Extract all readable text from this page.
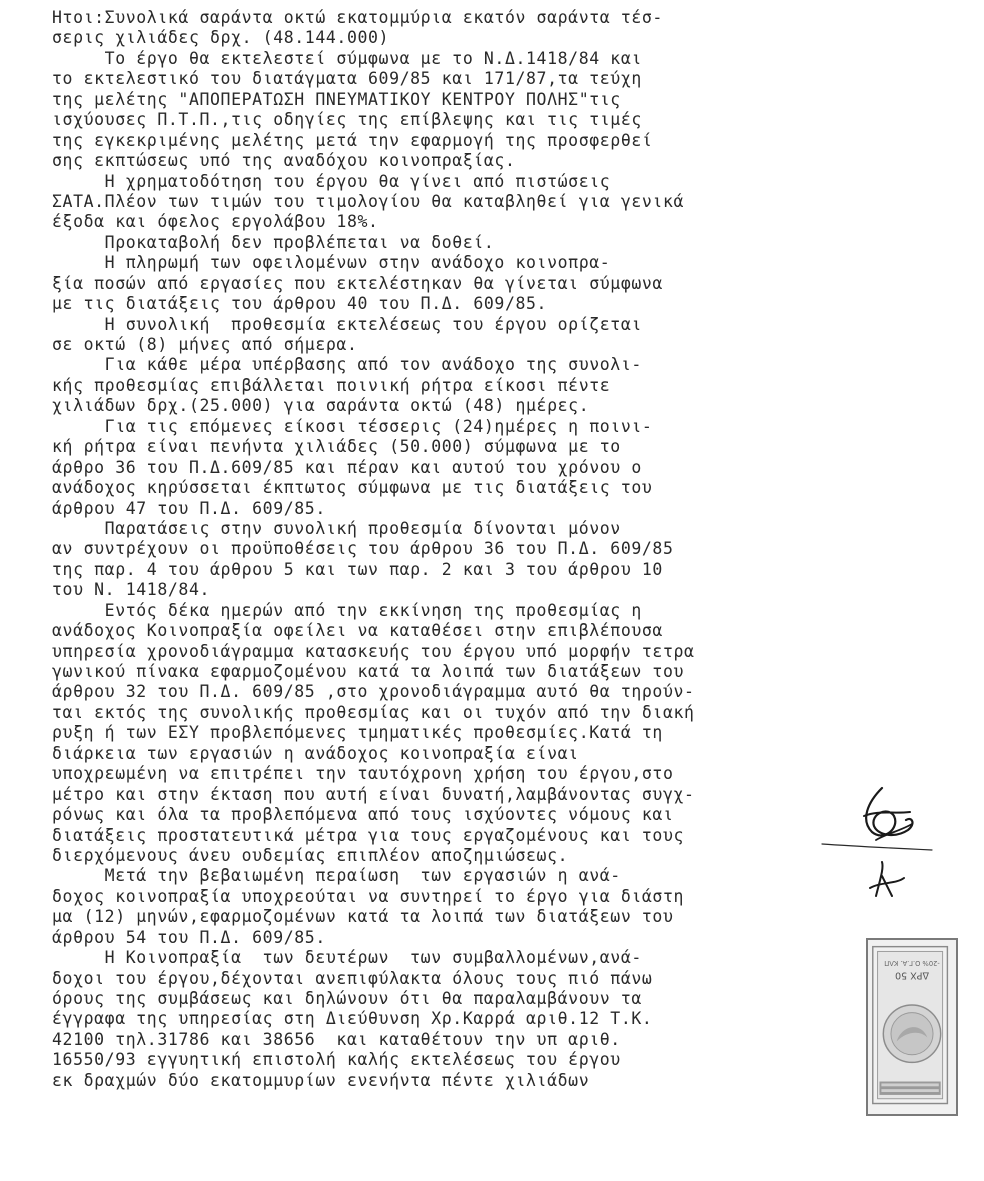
Ητοι:Συνολικά σαράντα οκτώ εκατομμύρια εκατόν σαράντα τέσ-
σερις χιλιάδες δρχ. (48.144.000)
Το έργο θα εκτελεστεί σύμφωνα με το Ν.Δ.1418/84 και
το εκτελεστικό του διατάγματα 609/85 και 171/87,τα τεύχη
της μελέτης "ΑΠΟΠΕΡΑΤΩΣΗ ΠΝΕΥΜΑΤΙΚΟΥ ΚΕΝΤΡΟΥ ΠΟΛΗΣ"τις
ισχύουσες Π.Τ.Π.,τις οδηγίες της επίβλεψης και τις τιμές
της εγκεκριμένης μελέτης μετά την εφαρμογή της προσφερθεί
σης εκπτώσεως υπό της αναδόχου κοινοπραξίας.
Η χρηματοδότηση του έργου θα γίνει από πιστώσεις
ΣΑΤΑ.Πλέον των τιμών του τιμολογίου θα καταβληθεί για γενικά
έξοδα και όφελος εργολάβου 18%.
Προκαταβολή δεν προβλέπεται να δοθεί.
Η πληρωμή των οφειλομένων στην ανάδοχο κοινοπρα-
ξία ποσών από εργασίες που εκτελέστηκαν θα γίνεται σύμφωνα
με τις διατάξεις του άρθρου 40 του Π.Δ. 609/85.
Η συνολική  προθεσμία εκτελέσεως του έργου ορίζεται
σε οκτώ (8) μήνες από σήμερα.
Για κάθε μέρα υπέρβασης από τον ανάδοχο της συνολι-
κής προθεσμίας επιβάλλεται ποινική ρήτρα είκοσι πέντε
χιλιάδων δρχ.(25.000) για σαράντα οκτώ (48) ημέρες.
Για τις επόμενες είκοσι τέσσερις (24)ημέρες η ποινι-
κή ρήτρα είναι πενήντα χιλιάδες (50.000) σύμφωνα με το
άρθρο 36 του Π.Δ.609/85 και πέραν και αυτού του χρόνου ο
ανάδοχος κηρύσσεται έκπτωτος σύμφωνα με τις διατάξεις του
άρθρου 47 του Π.Δ. 609/85.
Παρατάσεις στην συνολική προθεσμία δίνονται μόνον
αν συντρέχουν οι προϋποθέσεις του άρθρου 36 του Π.Δ. 609/85
της παρ. 4 του άρθρου 5 και των παρ. 2 και 3 του άρθρου 10
του Ν. 1418/84.
Εντός δέκα ημερών από την εκκίνηση της προθεσμίας η
ανάδοχος Κοινοπραξία οφείλει να καταθέσει στην επιβλέπουσα
υπηρεσία χρονοδιάγραμμα κατασκευής του έργου υπό μορφήν τετρα
γωνικού πίνακα εφαρμοζομένου κατά τα λοιπά των διατάξεων του
άρθρου 32 του Π.Δ. 609/85 ,στο χρονοδιάγραμμα αυτό θα τηρούν-
ται εκτός της συνολικής προθεσμίας και οι τυχόν από την διακή
ρυξη ή των ΕΣΥ προβλεπόμενες τμηματικές προθεσμίες.Κατά τη
διάρκεια των εργασιών η ανάδοχος κοινοπραξία είναι
υποχρεωμένη να επιτρέπει την ταυτόχρονη χρήση του έργου,στο
μέτρο και στην έκταση που αυτή είναι δυνατή,λαμβάνοντας συγχ-
ρόνως και όλα τα προβλεπόμενα από τους ισχύοντες νόμους και
διατάξεις προστατευτικά μέτρα για τους εργαζομένους και τους
διερχόμενους άνευ ουδεμίας επιπλέον αποζημιώσεως.
Μετά την βεβαιωμένη περαίωση  των εργασιών η ανά-
δοχος κοινοπραξία υποχρεούται να συντηρεί το έργο για διάστη
μα (12) μηνών,εφαρμοζομένων κατά τα λοιπά των διατάξεων του
άρθρου 54 του Π.Δ. 609/85.
Η Κοινοπραξία  των δευτέρων  των συμβαλλομένων,ανά-
δοχοι του έργου,δέχονται ανεπιφύλακτα όλους τους πιό πάνω
όρους της συμβάσεως και δηλώνουν ότι θα παραλαμβάνουν τα
έγγραφα της υπηρεσίας στη Διεύθυνση Χρ.Καρρά αριθ.12 Τ.Κ.
42100 τηλ.31786 και 38656  και καταθέτουν την υπ αριθ.
16550/93 εγγυητική επιστολή καλής εκτελέσεως του έργου
εκ δραχμών δύο εκατομμυρίων ενενήντα πέντε χιλιάδων
ΔΡΧ 50
-20% Ο.Γ.Α. ΚΛΠ
